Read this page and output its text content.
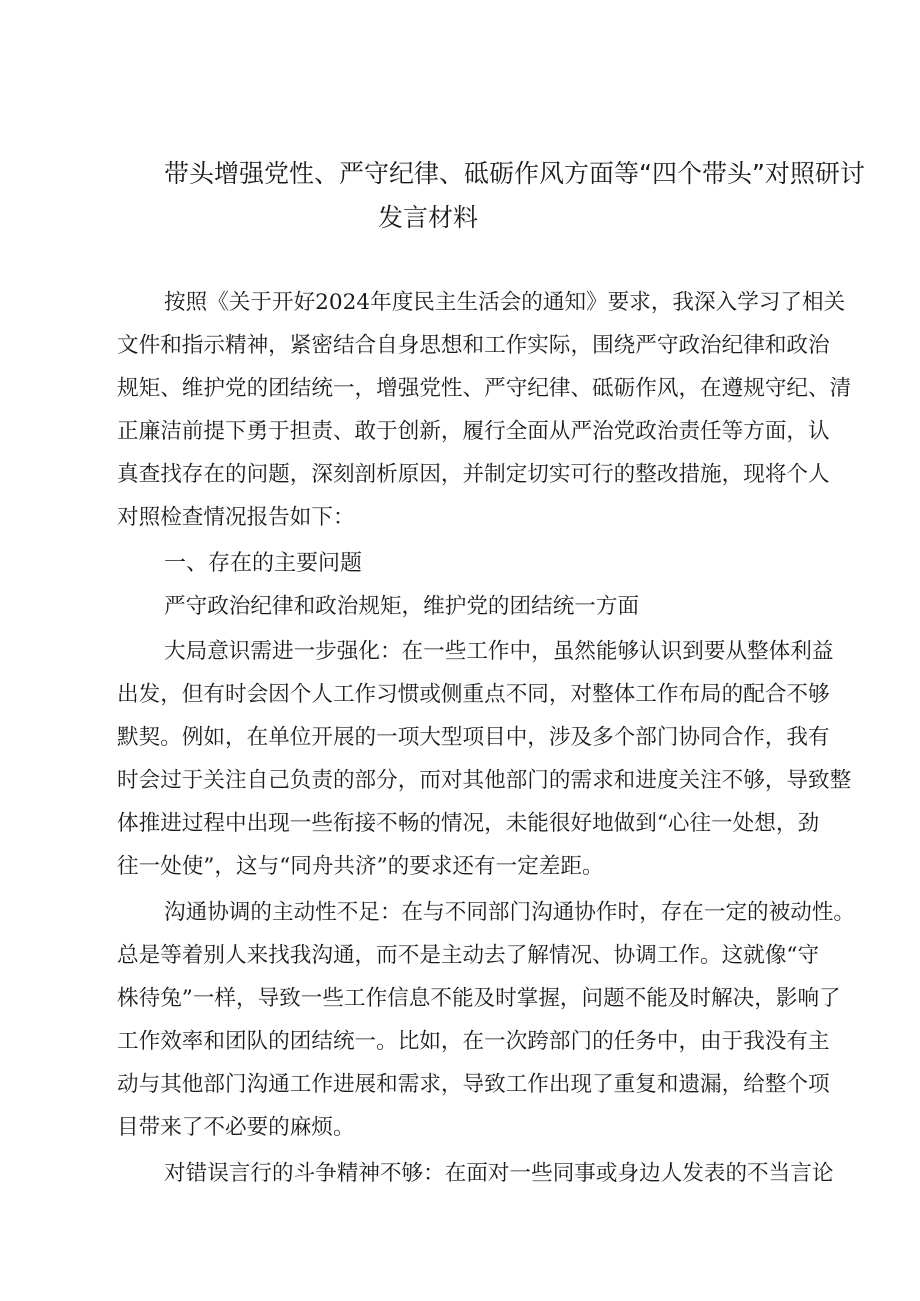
带头增强党性、严守纪律、砥砺作风方面等“四个带头”对照研讨
发言材料
按照《关于开好2024年度民主生活会的通知》要求，我深入学习了相关
文件和指示精神，紧密结合自身思想和工作实际，围绕严守政治纪律和政治
规矩、维护党的团结统一，增强党性、严守纪律、砥砺作风，在遵规守纪、清
正廉洁前提下勇于担责、敢于创新，履行全面从严治党政治责任等方面，认
真查找存在的问题，深刻剖析原因，并制定切实可行的整改措施，现将个人
对照检查情况报告如下：
一、存在的主要问题
严守政治纪律和政治规矩，维护党的团结统一方面
大局意识需进一步强化：在一些工作中，虽然能够认识到要从整体利益
出发，但有时会因个人工作习惯或侧重点不同，对整体工作布局的配合不够
默契。例如，在单位开展的一项大型项目中，涉及多个部门协同合作，我有
时会过于关注自己负责的部分，而对其他部门的需求和进度关注不够，导致整
体推进过程中出现一些衔接不畅的情况，未能很好地做到“心往一处想，劲
往一处使”，这与“同舟共济”的要求还有一定差距。
沟通协调的主动性不足：在与不同部门沟通协作时，存在一定的被动性。
总是等着别人来找我沟通，而不是主动去了解情况、协调工作。这就像“守
株待兔”一样，导致一些工作信息不能及时掌握，问题不能及时解决，影响了
工作效率和团队的团结统一。比如，在一次跨部门的任务中，由于我没有主
动与其他部门沟通工作进展和需求，导致工作出现了重复和遗漏，给整个项
目带来了不必要的麻烦。
对错误言行的斗争精神不够：在面对一些同事或身边人发表的不当言论
